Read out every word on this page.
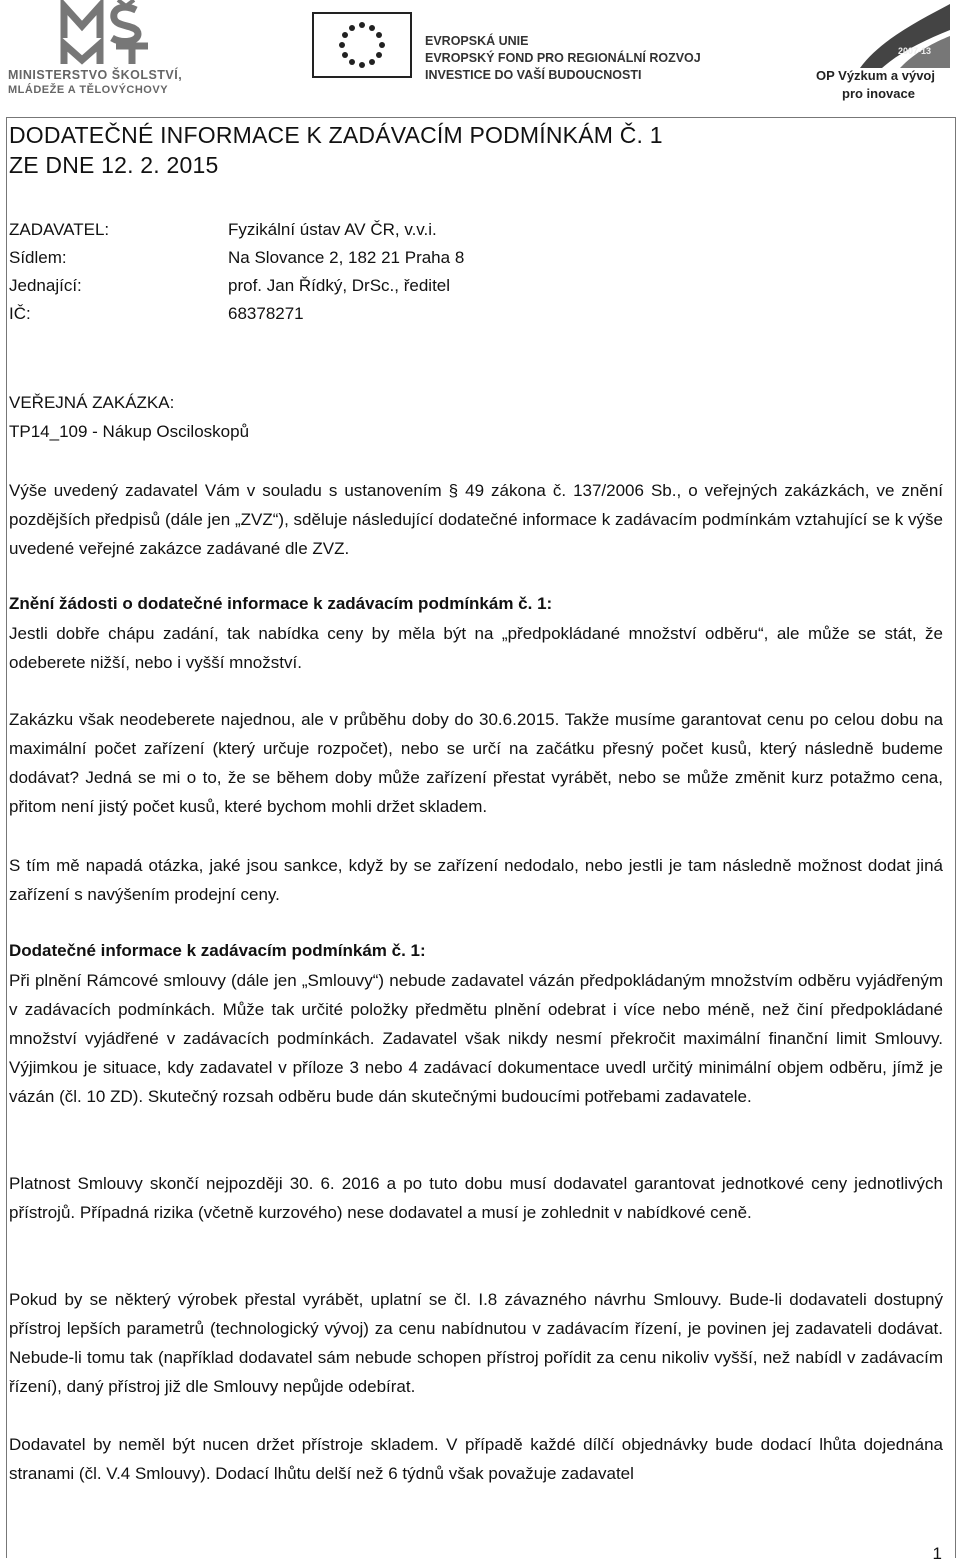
MINISTERSTVO ŠKOLSTVÍ,
MLÁDEŽE A TĚLOVÝCHOVY
EVROPSKÁ UNIE
EVROPSKÝ FOND PRO REGIONÁLNÍ ROZVOJ
INVESTICE DO VAŠÍ BUDOUCNOSTI
2007-13
OP Výzkum a vývoj
pro inovace
DODATEČNÉ INFORMACE K ZADÁVACÍM PODMÍNKÁM Č. 1
ZE DNE 12. 2. 2015
ZADAVATEL:	Fyzikální ústav AV ČR, v.v.i.
Sídlem:	Na Slovance 2, 182 21 Praha 8
Jednající:	prof. Jan Řídký, DrSc., ředitel
IČ:	68378271
VEŘEJNÁ ZAKÁZKA:
TP14_109 - Nákup Osciloskopů
Výše uvedený zadavatel Vám v souladu s ustanovením § 49 zákona č. 137/2006 Sb., o veřejných zakázkách, ve znění pozdějších předpisů (dále jen „ZVZ“), sděluje následující dodatečné informace k zadávacím podmínkám vztahující se k výše uvedené veřejné zakázce zadávané dle ZVZ.
Znění žádosti o dodatečné informace k zadávacím podmínkám č. 1:
Jestli dobře chápu zadání, tak nabídka ceny by měla být na „předpokládané množství odběru“, ale může se stát, že odeberete nižší, nebo i vyšší množství.
Zakázku však neodeberete najednou, ale v průběhu doby do 30.6.2015. Takže musíme garantovat cenu po celou dobu na maximální počet zařízení (který určuje rozpočet), nebo se určí na začátku přesný počet kusů, který následně budeme dodávat? Jedná se mi o to, že se během doby může zařízení přestat vyrábět, nebo se může změnit kurz potažmo cena, přitom není jistý počet kusů, které bychom mohli držet skladem.
S tím mě napadá otázka, jaké jsou sankce, když by se zařízení nedodalo, nebo jestli je tam následně možnost dodat jiná zařízení s navýšením prodejní ceny.
Dodatečné informace k zadávacím podmínkám č. 1:
Při plnění Rámcové smlouvy (dále jen „Smlouvy“) nebude zadavatel vázán předpokládaným množstvím odběru vyjádřeným v zadávacích podmínkách. Může tak určité položky předmětu plnění odebrat i více nebo méně, než činí předpokládané množství vyjádřené v zadávacích podmínkách. Zadavatel však nikdy nesmí překročit maximální finanční limit Smlouvy. Výjimkou je situace, kdy zadavatel v příloze 3 nebo 4 zadávací dokumentace uvedl určitý minimální objem odběru, jímž je vázán (čl. 10 ZD). Skutečný rozsah odběru bude dán skutečnými budoucími potřebami zadavatele.
Platnost Smlouvy skončí nejpozději 30. 6. 2016 a po tuto dobu musí dodavatel garantovat jednotkové ceny jednotlivých přístrojů. Případná rizika (včetně kurzového) nese dodavatel a musí je zohlednit v nabídkové ceně.
Pokud by se některý výrobek přestal vyrábět, uplatní se čl. I.8 závazného návrhu Smlouvy. Bude-li dodavateli dostupný přístroj lepších parametrů (technologický vývoj) za cenu nabídnutou v zadávacím řízení, je povinen jej zadavateli dodávat. Nebude-li tomu tak (například dodavatel sám nebude schopen přístroj pořídit za cenu nikoliv vyšší, než nabídl v zadávacím řízení), daný přístroj již dle Smlouvy nepůjde odebírat.
Dodavatel by neměl být nucen držet přístroje skladem. V případě každé dílčí objednávky bude dodací lhůta dojednána stranami (čl. V.4 Smlouvy). Dodací lhůtu delší než 6 týdnů však považuje zadavatel
1
